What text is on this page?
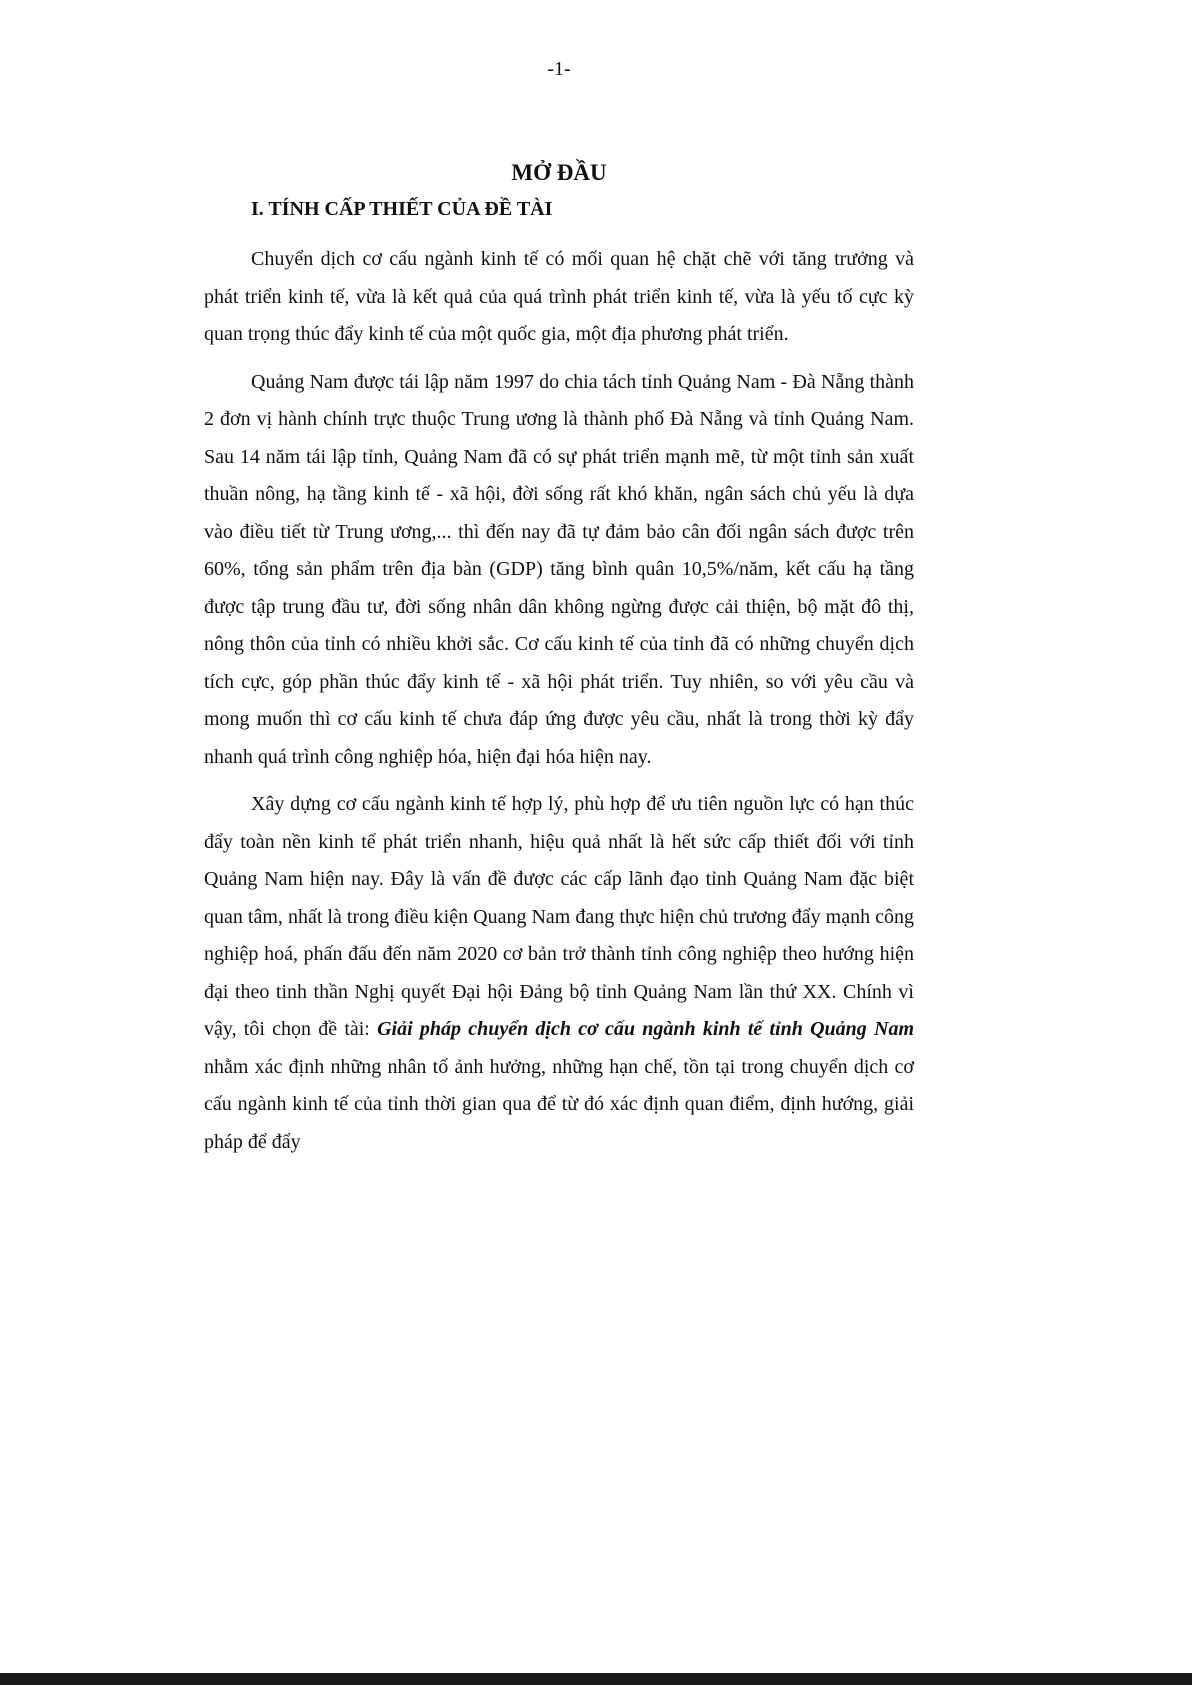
-1-
MỞ ĐẦU
I. TÍNH CẤP THIẾT CỦA ĐỀ TÀI

Chuyển dịch cơ cấu ngành kinh tế có mối quan hệ chặt chẽ với tăng trưởng và phát triển kinh tế, vừa là kết quả của quá trình phát triển kinh tế, vừa là yếu tố cực kỳ quan trọng thúc đẩy kinh tế của một quốc gia, một địa phương phát triển.

Quảng Nam được tái lập năm 1997 do chia tách tỉnh Quảng Nam - Đà Nẵng thành 2 đơn vị hành chính trực thuộc Trung ương là thành phố Đà Nẵng và tỉnh Quảng Nam. Sau 14 năm tái lập tỉnh, Quảng Nam đã có sự phát triển mạnh mẽ, từ một tỉnh sản xuất thuần nông, hạ tầng kinh tế - xã hội, đời sống rất khó khăn, ngân sách chủ yếu là dựa vào điều tiết từ Trung ương,... thì đến nay đã tự đảm bảo cân đối ngân sách được trên 60%, tổng sản phẩm trên địa bàn (GDP) tăng bình quân 10,5%/năm, kết cấu hạ tầng được tập trung đầu tư, đời sống nhân dân không ngừng được cải thiện, bộ mặt đô thị, nông thôn của tỉnh có nhiều khởi sắc. Cơ cấu kinh tế của tỉnh đã có những chuyển dịch tích cực, góp phần thúc đẩy kinh tế - xã hội phát triển. Tuy nhiên, so với yêu cầu và mong muốn thì cơ cấu kinh tế chưa đáp ứng được yêu cầu, nhất là trong thời kỳ đẩy nhanh quá trình công nghiệp hóa, hiện đại hóa hiện nay.

Xây dựng cơ cấu ngành kinh tế hợp lý, phù hợp để ưu tiên nguồn lực có hạn thúc đẩy toàn nền kinh tế phát triển nhanh, hiệu quả nhất là hết sức cấp thiết đối với tỉnh Quảng Nam hiện nay. Đây là vấn đề được các cấp lãnh đạo tỉnh Quảng Nam đặc biệt quan tâm, nhất là trong điều kiện Quang Nam đang thực hiện chủ trương đẩy mạnh công nghiệp hoá, phấn đấu đến năm 2020 cơ bản trở thành tỉnh công nghiệp theo hướng hiện đại theo tinh thần Nghị quyết Đại hội Đảng bộ tỉnh Quảng Nam lần thứ XX. Chính vì vậy, tôi chọn đề tài: Giải pháp chuyển dịch cơ cấu ngành kinh tế tỉnh Quảng Nam nhằm xác định những nhân tố ảnh hưởng, những hạn chế, tồn tại trong chuyển dịch cơ cấu ngành kinh tế của tỉnh thời gian qua để từ đó xác định quan điểm, định hướng, giải pháp để đẩy
